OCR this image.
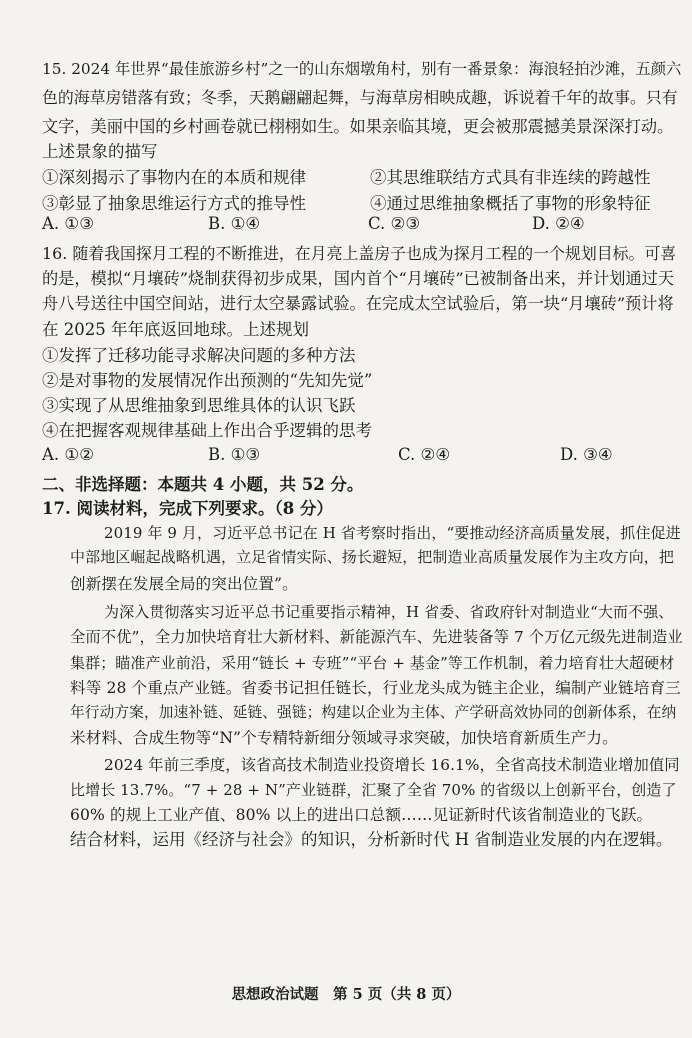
15. 2024 年世界“最佳旅游乡村”之一的山东烟墩角村，别有一番景象：海浪轻拍沙滩，五颜六
色的海草房错落有致；冬季，天鹅翩翩起舞，与海草房相映成趣，诉说着千年的故事。只有
文字，美丽中国的乡村画卷就已栩栩如生。如果亲临其境，更会被那震撼美景深深打动。
上述景象的描写
①深刻揭示了事物内在的本质和规律	②其思维联结方式具有非连续的跨越性
③彰显了抽象思维运行方式的推导性	④通过思维抽象概括了事物的形象特征
A. ①③	B. ①④	C. ②③	D. ②④
16. 随着我国探月工程的不断推进，在月亮上盖房子也成为探月工程的一个规划目标。可喜
的是，模拟“月壤砖”烧制获得初步成果，国内首个“月壤砖”已被制备出来，并计划通过天
舟八号送往中国空间站，进行太空暴露试验。在完成太空试验后，第一块“月壤砖”预计将
在 2025 年年底返回地球。上述规划
①发挥了迁移功能寻求解决问题的多种方法
②是对事物的发展情况作出预测的“先知先觉”
③实现了从思维抽象到思维具体的认识飞跃
④在把握客观规律基础上作出合乎逻辑的思考
A. ①②	B. ①③	C. ②④	D. ③④
二、非选择题：本题共 4 小题，共 52 分。
17. 阅读材料，完成下列要求。（8 分）
2019 年 9 月，习近平总书记在 H 省考察时指出，“要推动经济高质量发展，抓住促进
中部地区崛起战略机遇，立足省情实际、扬长避短，把制造业高质量发展作为主攻方向，把
创新摆在发展全局的突出位置”。
为深入贯彻落实习近平总书记重要指示精神，H 省委、省政府针对制造业“大而不强、
全而不优”，全力加快培育壮大新材料、新能源汽车、先进装备等 7 个万亿元级先进制造业
集群；瞄准产业前沿，采用“链长 + 专班”“平台 + 基金”等工作机制，着力培育壮大超硬材
料等 28 个重点产业链。省委书记担任链长，行业龙头成为链主企业，编制产业链培育三
年行动方案，加速补链、延链、强链；构建以企业为主体、产学研高效协同的创新体系，在纳
米材料、合成生物等“N”个专精特新细分领域寻求突破，加快培育新质生产力。
2024 年前三季度，该省高技术制造业投资增长 16.1%，全省高技术制造业增加值同
比增长 13.7%。“7 + 28 + N”产业链群，汇聚了全省 70% 的省级以上创新平台，创造了
60% 的规上工业产值、80% 以上的进出口总额……见证新时代该省制造业的飞跃。
结合材料，运用《经济与社会》的知识，分析新时代 H 省制造业发展的内在逻辑。
思想政治试题　第 5 页（共 8 页）
